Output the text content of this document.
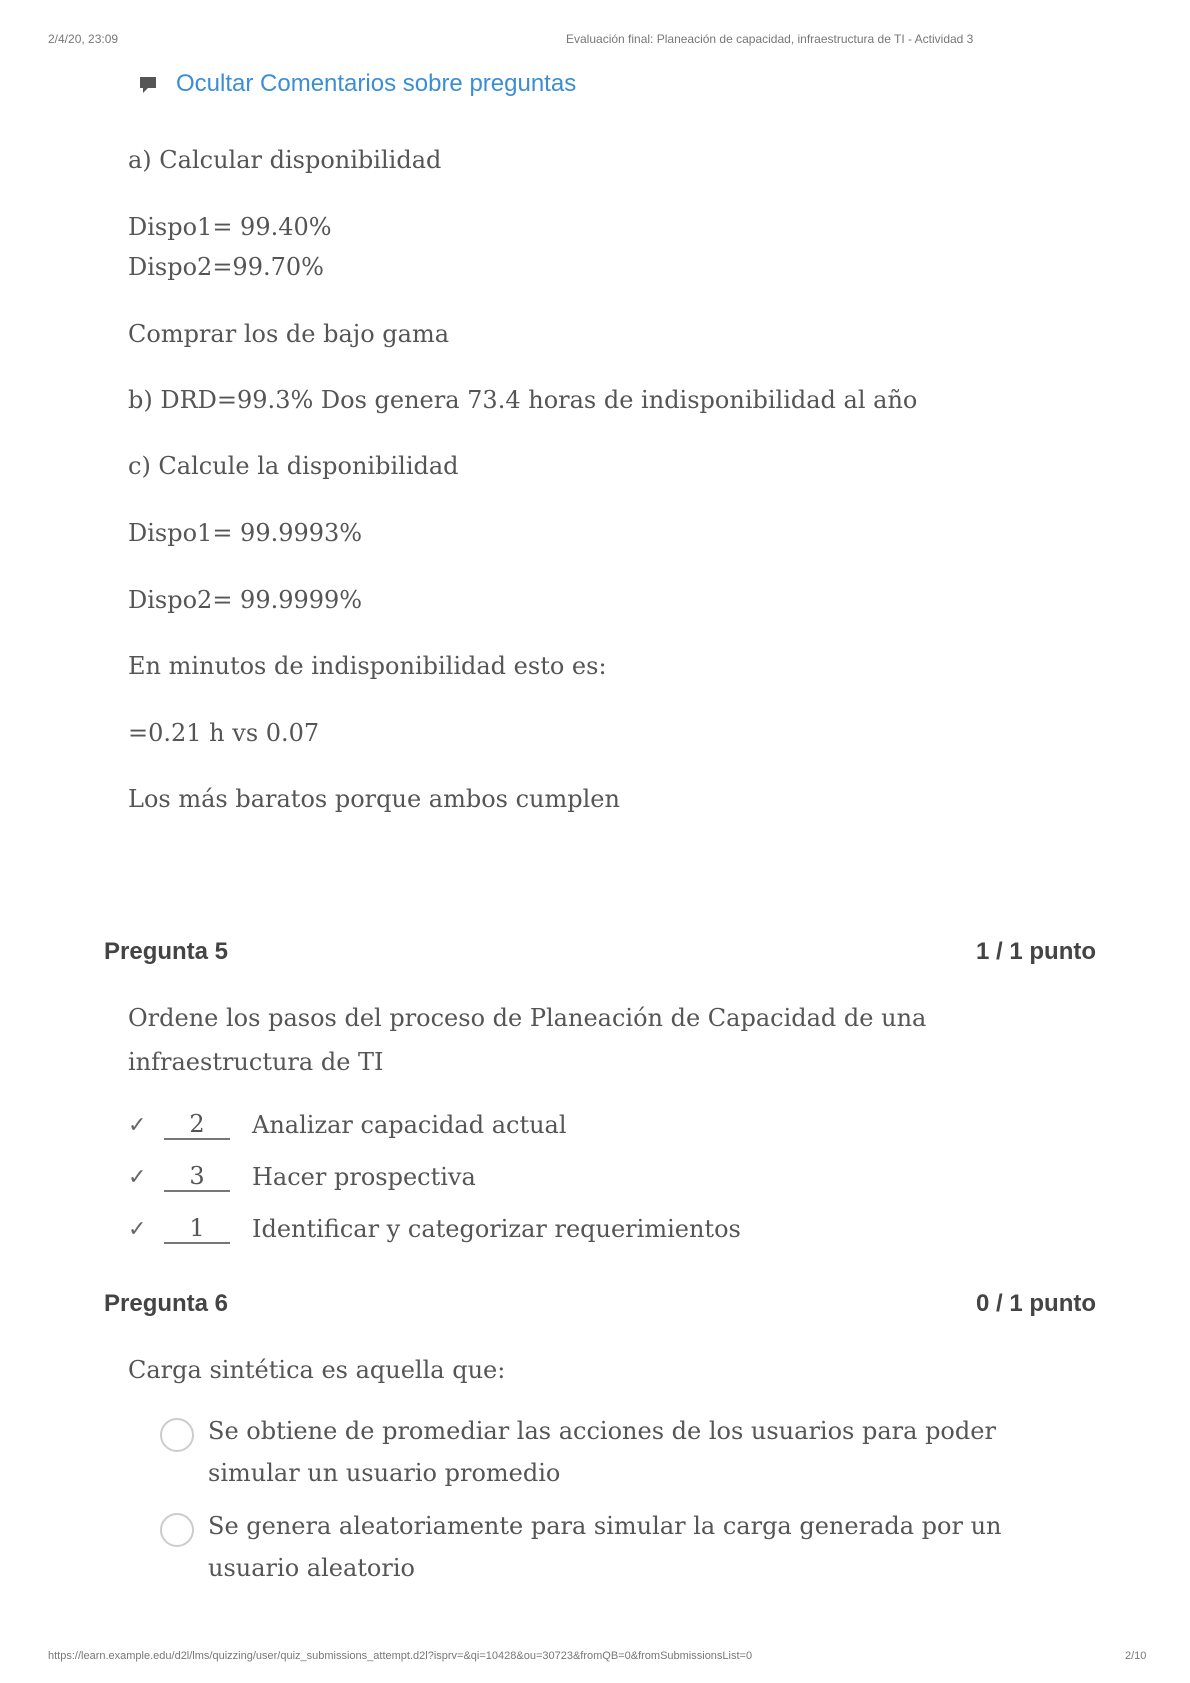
2/4/20, 23:09	Evaluación final: Planeación de capacidad, infraestructura de TI - Actividad 3
Ocultar Comentarios sobre preguntas
a) Calcular disponibilidad
Dispo1= 99.40%
Dispo2=99.70%
Comprar los de bajo gama
b) DRD=99.3% Dos genera 73.4 horas de indisponibilidad al año
c) Calcule la disponibilidad
Dispo1= 99.9993%
Dispo2= 99.9999%
En minutos de indisponibilidad esto es:
=0.21 h vs 0.07
Los más baratos porque ambos cumplen
Pregunta 5	1 / 1 punto
Ordene los pasos del proceso de Planeación de Capacidad de una infraestructura de TI
✓	2	Analizar capacidad actual
✓	3	Hacer prospectiva
✓	1	Identificar y categorizar requerimientos
Pregunta 6	0 / 1 punto
Carga sintética es aquella que:
Se obtiene de promediar las acciones de los usuarios para poder simular un usuario promedio
Se genera aleatoriamente para simular la carga generada por un usuario aleatorio
https://learn.example.edu/d2l/lms/quizzing/user/quiz_submissions_attempt.d2l?isprv=&qi=10428&ou=30723&fromQB=0&fromSubmissionsList=0	2/10
